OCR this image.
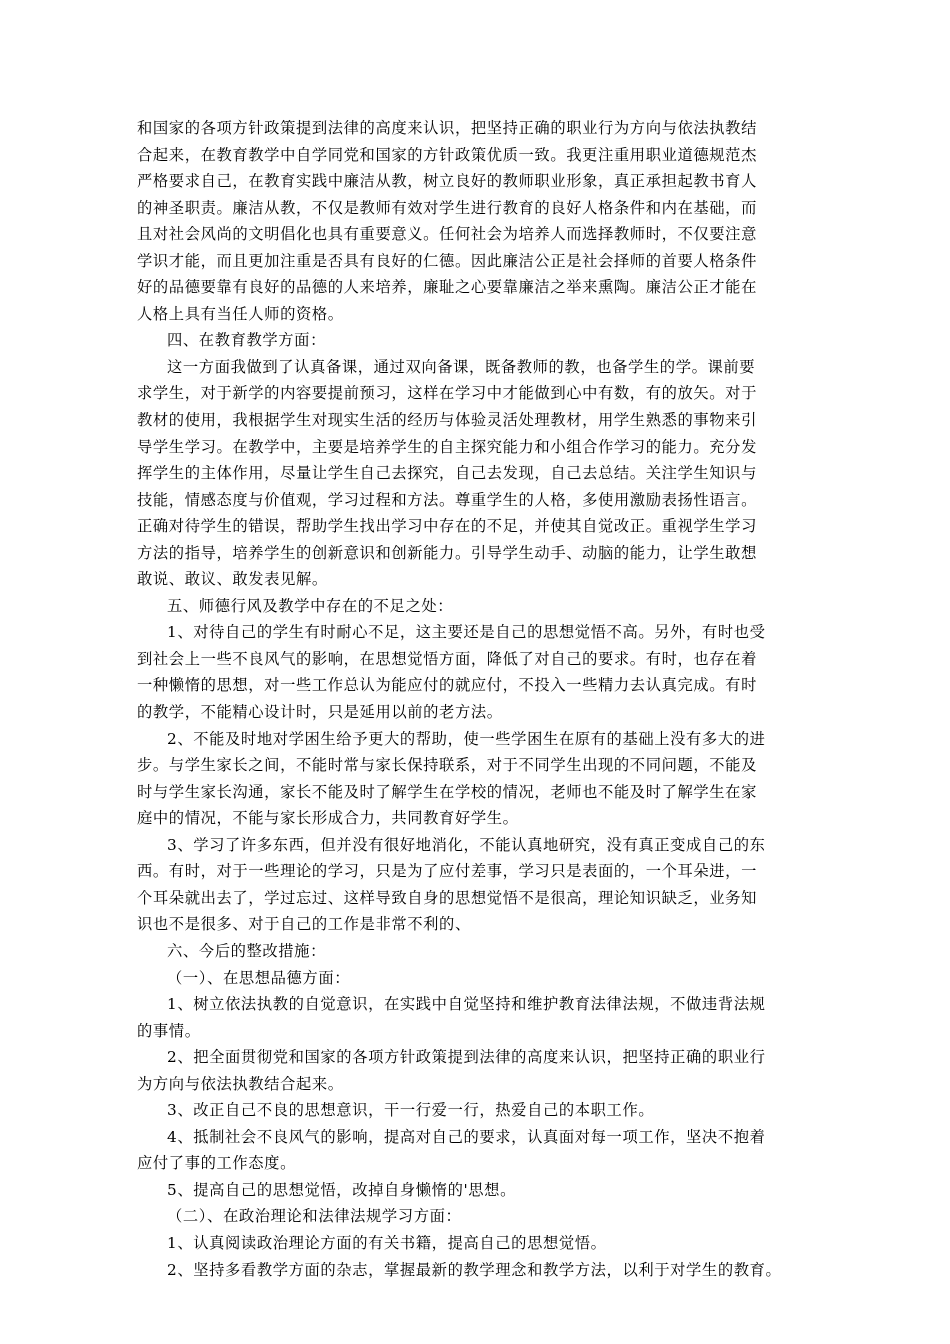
和国家的各项方针政策提到法律的高度来认识，把坚持正确的职业行为方向与依法执教结
合起来，在教育教学中自学同党和国家的方针政策优质一致。我更注重用职业道德规范杰
严格要求自己，在教育实践中廉洁从教，树立良好的教师职业形象，真正承担起教书育人
的神圣职责。廉洁从教，不仅是教师有效对学生进行教育的良好人格条件和内在基础，而
且对社会风尚的文明倡化也具有重要意义。任何社会为培养人而选择教师时，不仅要注意
学识才能，而且更加注重是否具有良好的仁德。因此廉洁公正是社会择师的首要人格条件
好的品德要靠有良好的品德的人来培养，廉耻之心要靠廉洁之举来熏陶。廉洁公正才能在
人格上具有当任人师的资格。
四、在教育教学方面：
这一方面我做到了认真备课，通过双向备课，既备教师的教，也备学生的学。课前要
求学生，对于新学的内容要提前预习，这样在学习中才能做到心中有数，有的放矢。对于
教材的使用，我根据学生对现实生活的经历与体验灵活处理教材，用学生熟悉的事物来引
导学生学习。在教学中，主要是培养学生的自主探究能力和小组合作学习的能力。充分发
挥学生的主体作用，尽量让学生自己去探究，自己去发现，自己去总结。关注学生知识与
技能，情感态度与价值观，学习过程和方法。尊重学生的人格，多使用激励表扬性语言。
正确对待学生的错误，帮助学生找出学习中存在的不足，并使其自觉改正。重视学生学习
方法的指导，培养学生的创新意识和创新能力。引导学生动手、动脑的能力，让学生敢想
敢说、敢议、敢发表见解。
五、师德行风及教学中存在的不足之处：
1、对待自己的学生有时耐心不足，这主要还是自己的思想觉悟不高。另外，有时也受
到社会上一些不良风气的影响，在思想觉悟方面，降低了对自己的要求。有时，也存在着
一种懒惰的思想，对一些工作总认为能应付的就应付，不投入一些精力去认真完成。有时
的教学，不能精心设计时，只是延用以前的老方法。
2、不能及时地对学困生给予更大的帮助，使一些学困生在原有的基础上没有多大的进
步。与学生家长之间，不能时常与家长保持联系，对于不同学生出现的不同问题，不能及
时与学生家长沟通，家长不能及时了解学生在学校的情况，老师也不能及时了解学生在家
庭中的情况，不能与家长形成合力，共同教育好学生。
3、学习了许多东西，但并没有很好地消化，不能认真地研究，没有真正变成自己的东
西。有时，对于一些理论的学习，只是为了应付差事，学习只是表面的，一个耳朵进，一
个耳朵就出去了，学过忘过、这样导致自身的思想觉悟不是很高，理论知识缺乏，业务知
识也不是很多、对于自己的工作是非常不利的、
六、今后的整改措施：
（一）、在思想品德方面：
1、树立依法执教的自觉意识，在实践中自觉坚持和维护教育法律法规，不做违背法规
的事情。
2、把全面贯彻党和国家的各项方针政策提到法律的高度来认识，把坚持正确的职业行
为方向与依法执教结合起来。
3、改正自己不良的思想意识，干一行爱一行，热爱自己的本职工作。
4、抵制社会不良风气的影响，提高对自己的要求，认真面对每一项工作，坚决不抱着
应付了事的工作态度。
5、提高自己的思想觉悟，改掉自身懒惰的'思想。
（二）、在政治理论和法律法规学习方面：
1、认真阅读政治理论方面的有关书籍，提高自己的思想觉悟。
2、坚持多看教学方面的杂志，掌握最新的教学理念和教学方法，以利于对学生的教育。
